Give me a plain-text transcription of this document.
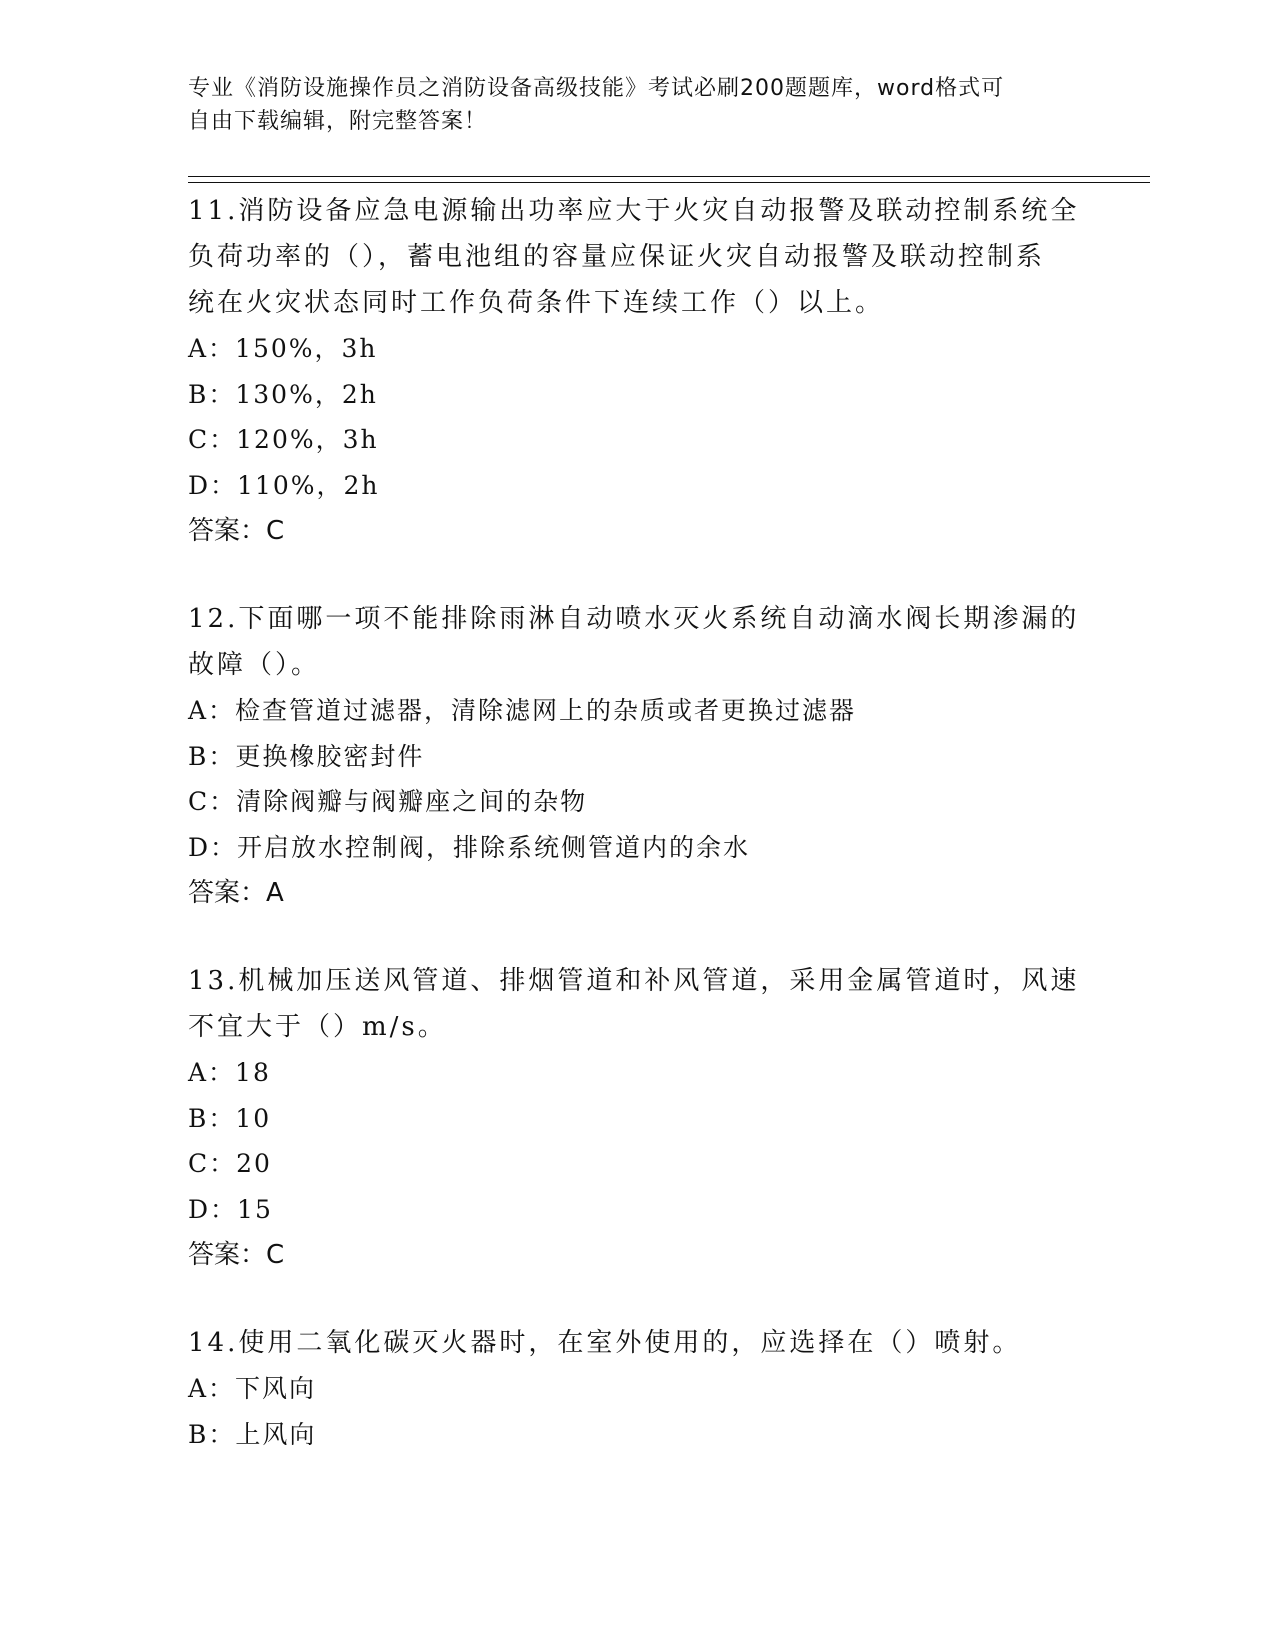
专业《消防设施操作员之消防设备高级技能》考试必刷200题题库，word格式可
自由下载编辑，附完整答案！
11.消防设备应急电源输出功率应大于火灾自动报警及联动控制系统全
负荷功率的（），蓄电池组的容量应保证火灾自动报警及联动控制系
统在火灾状态同时工作负荷条件下连续工作（）以上。
A：150%，3h
B：130%，2h
C：120%，3h
D：110%，2h
答案：C
12.下面哪一项不能排除雨淋自动喷水灭火系统自动滴水阀长期渗漏的
故障（）。
A：检查管道过滤器，清除滤网上的杂质或者更换过滤器
B：更换橡胶密封件
C：清除阀瓣与阀瓣座之间的杂物
D：开启放水控制阀，排除系统侧管道内的余水
答案：A
13.机械加压送风管道、排烟管道和补风管道，采用金属管道时，风速
不宜大于（）m/s。
A：18
B：10
C：20
D：15
答案：C
14.使用二氧化碳灭火器时，在室外使用的，应选择在（）喷射。
A：下风向
B：上风向
